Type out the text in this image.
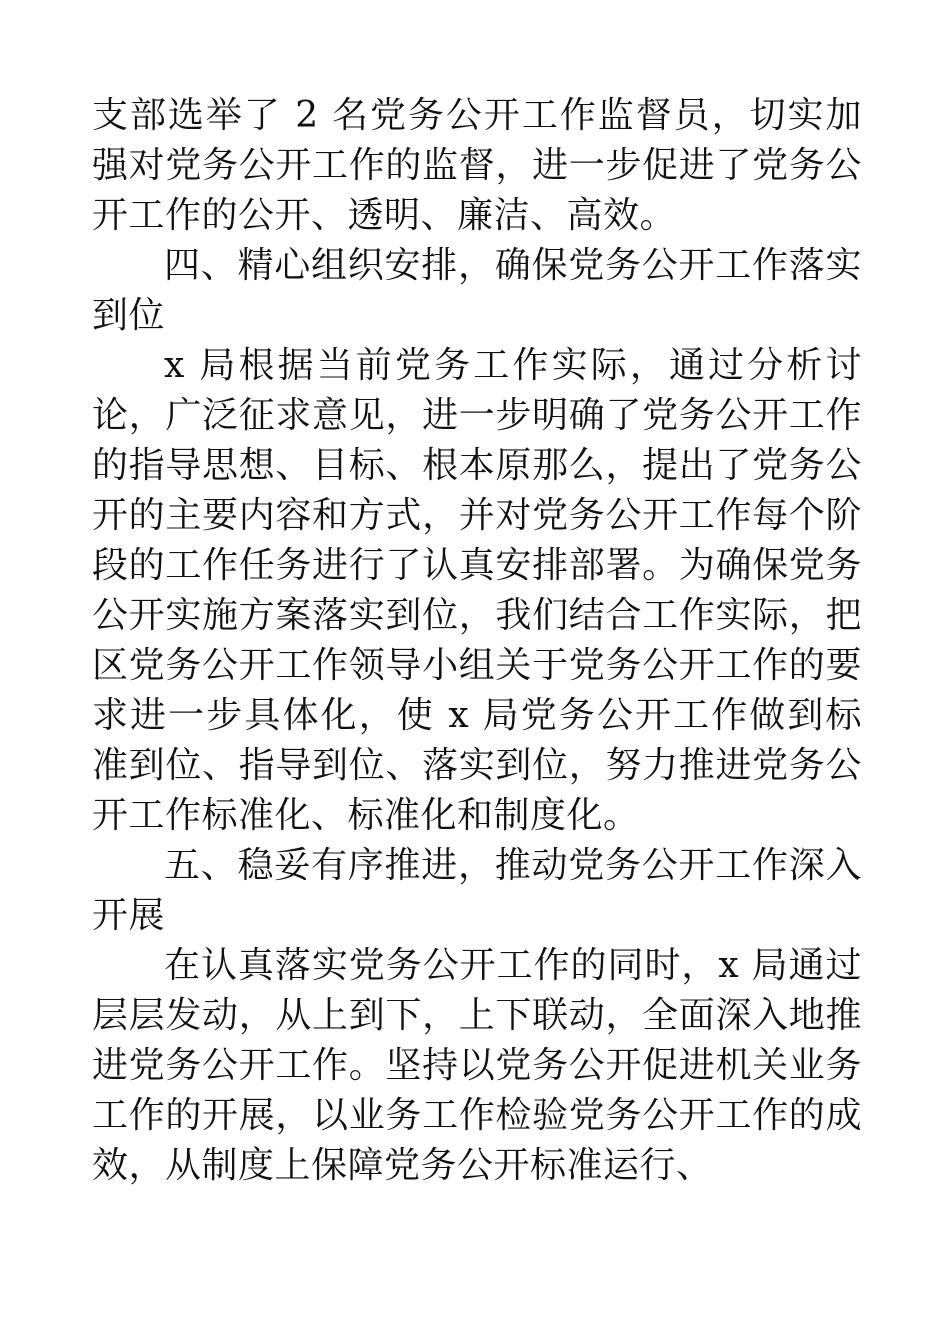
支部选举了 2 名党务公开工作监督员，切实加强对党务公开工作的监督，进一步促进了党务公开工作的公开、透明、廉洁、高效。

四、精心组织安排，确保党务公开工作落实到位

x 局根据当前党务工作实际，通过分析讨论，广泛征求意见，进一步明确了党务公开工作的指导思想、目标、根本原那么，提出了党务公开的主要内容和方式，并对党务公开工作每个阶段的工作任务进行了认真安排部署。为确保党务公开实施方案落实到位，我们结合工作实际，把区党务公开工作领导小组关于党务公开工作的要求进一步具体化，使 x 局党务公开工作做到标准到位、指导到位、落实到位，努力推进党务公开工作标准化、标准化和制度化。

五、稳妥有序推进，推动党务公开工作深入开展

在认真落实党务公开工作的同时，x 局通过层层发动，从上到下，上下联动，全面深入地推进党务公开工作。坚持以党务公开促进机关业务工作的开展，以业务工作检验党务公开工作的成效，从制度上保障党务公开标准运行、
